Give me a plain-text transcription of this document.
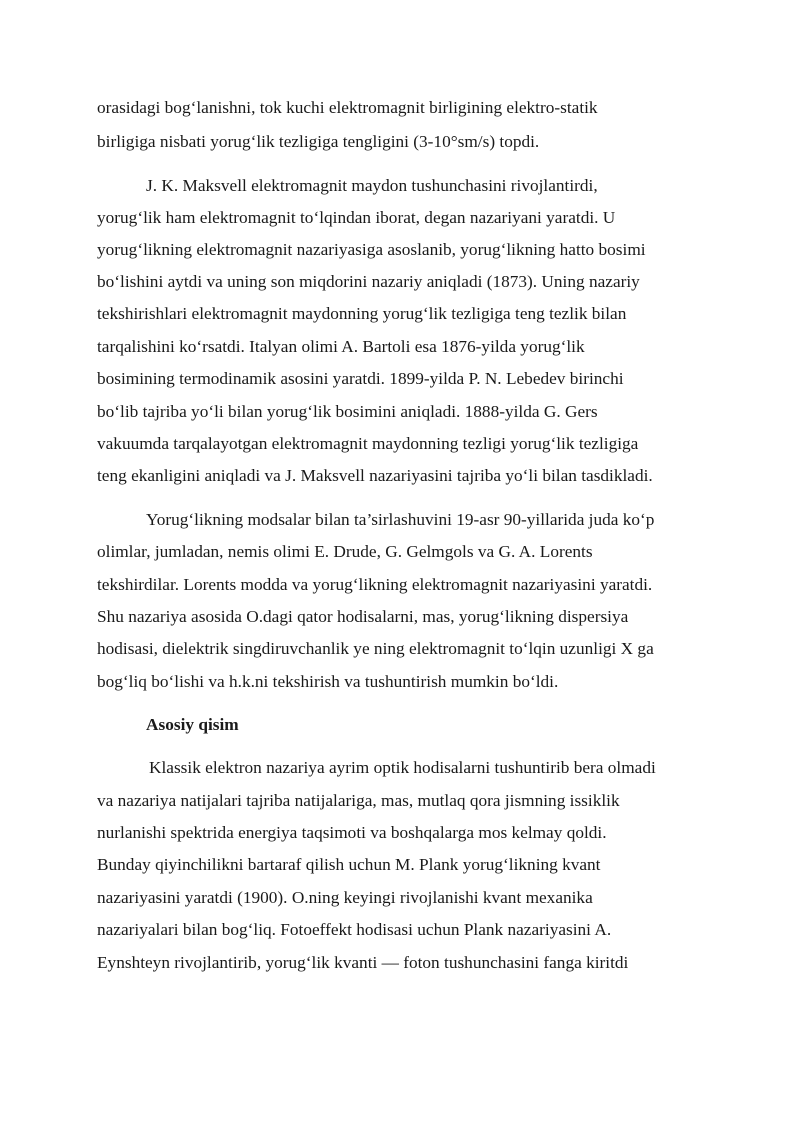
orasidagi bog‘lanishni, tok kuchi elektromagnit birligining elektro-statik
birligiga nisbati yorug‘lik tezligiga tengligini (3-10°sm/s) topdi.
J. K. Maksvell elektromagnit maydon tushunchasini rivojlantirdi,
yorug‘lik ham elektromagnit to‘lqindan iborat, degan nazariyani yaratdi. U
yorug‘likning elektromagnit nazariyasiga asoslanib, yorug‘likning hatto bosimi
bo‘lishini aytdi va uning son miqdorini nazariy aniqladi (1873). Uning nazariy
tekshirishlari elektromagnit maydonning yorug‘lik tezligiga teng tezlik bilan
tarqalishini ko‘rsatdi. Italyan olimi A. Bartoli esa 1876-yilda yorug‘lik
bosimining termodinamik asosini yaratdi. 1899-yilda P. N. Lebedev birinchi
bo‘lib tajriba yo‘li bilan yorug‘lik bosimini aniqladi. 1888-yilda G. Gers
vakuumda tarqalayotgan elektromagnit maydonning tezligi yorug‘lik tezligiga
teng ekanligini aniqladi va J. Maksvell nazariyasini tajriba yo‘li bilan tasdikladi.
Yorug‘likning modsalar bilan ta’sirlashuvini 19-asr 90-yillarida juda ko‘p
olimlar, jumladan, nemis olimi E. Drude, G. Gelmgols va G. A. Lorents
tekshirdilar. Lorents modda va yorug‘likning elektromagnit nazariyasini yaratdi.
Shu nazariya asosida O.dagi qator hodisalarni, mas, yorug‘likning dispersiya
hodisasi, dielektrik singdiruvchanlik ye ning elektromagnit to‘lqin uzunligi X ga
bog‘liq bo‘lishi va h.k.ni tekshirish va tushuntirish mumkin bo‘ldi.
Asosiy qisim
Klassik elektron nazariya ayrim optik hodisalarni tushuntirib bera olmadi
va nazariya natijalari tajriba natijalariga, mas, mutlaq qora jismning issiklik
nurlanishi spektrida energiya taqsimoti va boshqalarga mos kelmay qoldi.
Bunday qiyinchilikni bartaraf qilish uchun M. Plank yorug‘likning kvant
nazariyasini yaratdi (1900). O.ning keyingi rivojlanishi kvant mexanika
nazariyalari bilan bog‘liq. Fotoeffekt hodisasi uchun Plank nazariyasini A.
Eynshteyn rivojlantirib, yorug‘lik kvanti — foton tushunchasini fanga kiritdi
